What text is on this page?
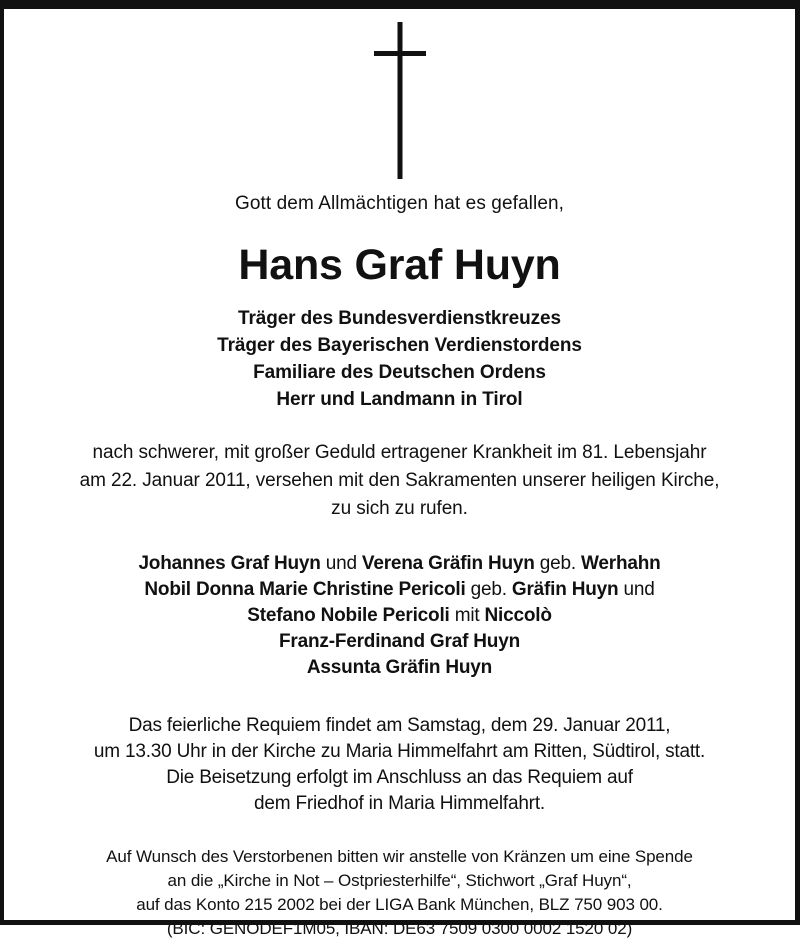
Gott dem Allmächtigen hat es gefallen,
Hans Graf Huyn
Träger des Bundesverdienstkreuzes
Träger des Bayerischen Verdienstordens
Familiare des Deutschen Ordens
Herr und Landmann in Tirol
nach schwerer, mit großer Geduld ertragener Krankheit im 81. Lebensjahr
am 22. Januar 2011, versehen mit den Sakramenten unserer heiligen Kirche,
zu sich zu rufen.
Johannes Graf Huyn und Verena Gräfin Huyn geb. Werhahn
Nobil Donna Marie Christine Pericoli geb. Gräfin Huyn und
Stefano Nobile Pericoli mit Niccolò
Franz-Ferdinand Graf Huyn
Assunta Gräfin Huyn
Das feierliche Requiem findet am Samstag, dem 29. Januar 2011,
um 13.30 Uhr in der Kirche zu Maria Himmelfahrt am Ritten, Südtirol, statt.
Die Beisetzung erfolgt im Anschluss an das Requiem auf
dem Friedhof in Maria Himmelfahrt.
Auf Wunsch des Verstorbenen bitten wir anstelle von Kränzen um eine Spende
an die „Kirche in Not – Ostpriesterhilfe“, Stichwort „Graf Huyn“,
auf das Konto 215 2002 bei der LIGA Bank München, BLZ 750 903 00.
(BIC: GENODEF1M05, IBAN: DE63 7509 0300 0002 1520 02)
